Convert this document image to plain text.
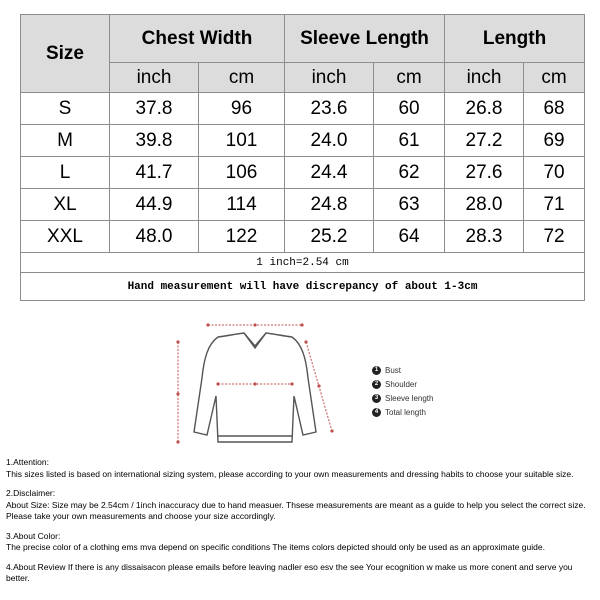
Size	Chest Width		Sleeve Length		Length	
	inch	cm	inch	cm	inch	cm
S	37.8	96	23.6	60	26.8	68
M	39.8	101	24.0	61	27.2	69
L	41.7	106	24.4	62	27.6	70
XL	44.9	114	24.8	63	28.0	71
XXL	48.0	122	25.2	64	28.3	72
1 inch=2.54 cm						
Hand measurement will have discrepancy of about 1-3cm						
1 Bust
2 Shoulder
3 Sleeve length
4 Total length

1.Attention:
This sizes listed is based on international sizing system, please according to your own measurements and dressing habits to choose your suitable size.

2.Disclaimer:
About Size: Size may be 2.54cm / 1inch inaccuracy due to hand measuer. Thsese measurements are meant as a guide to help you select the correct size. Please take your own measurements and choose your size accordingly.

3.About Color:
The precise color of a clothing ems mva depend on specific conditions The items colors depicted should only be used as an approximate guide.

4.About Review If there is any dissaisacon please emails before leaving nadler eso esv the see Your ecognition w make us more conent and serve you better.
